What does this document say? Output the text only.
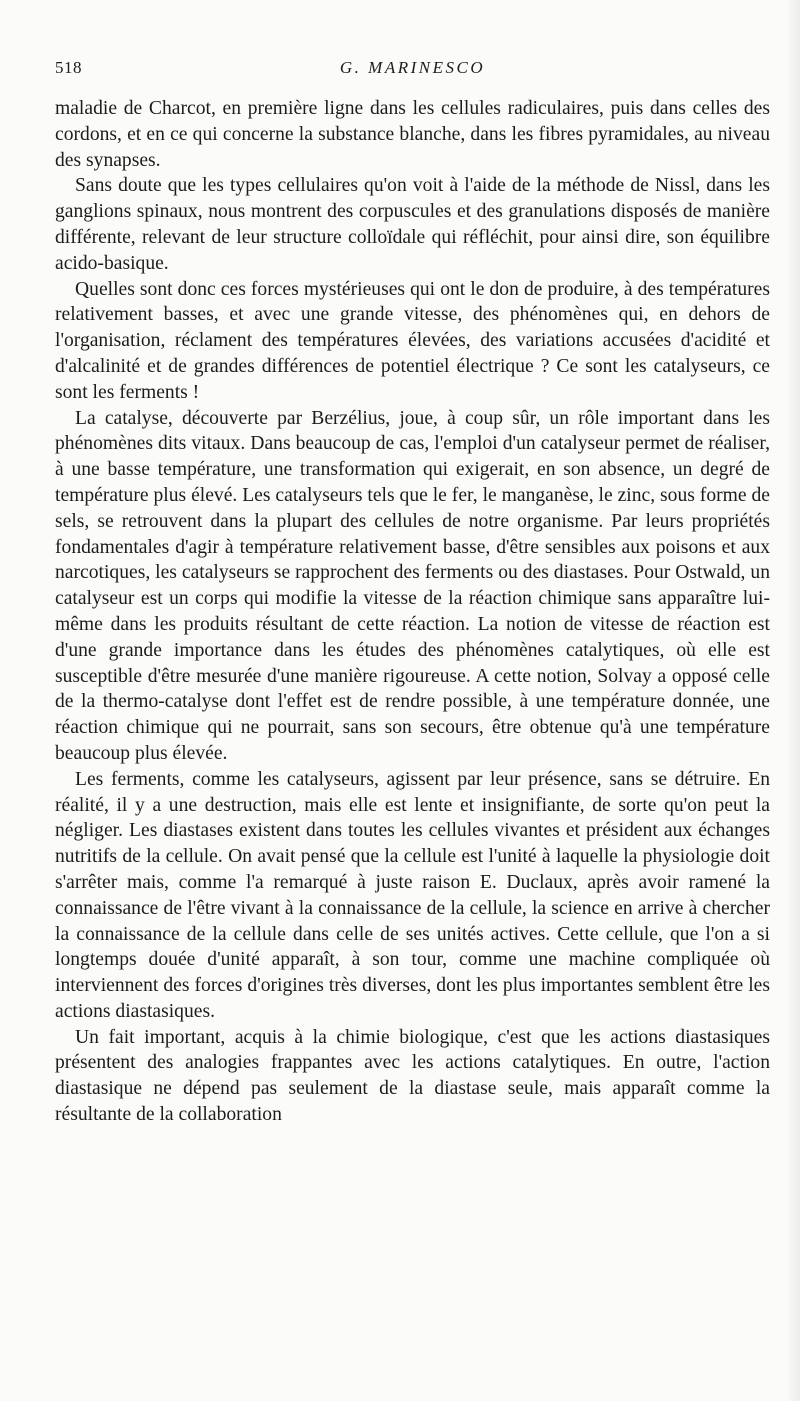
518	G. MARINESCO

maladie de Charcot, en première ligne dans les cellules radiculaires, puis dans celles des cordons, et en ce qui concerne la substance blanche, dans les fibres pyramidales, au niveau des synapses.

Sans doute que les types cellulaires qu'on voit à l'aide de la méthode de Nissl, dans les ganglions spinaux, nous montrent des corpuscules et des granulations disposés de manière différente, relevant de leur structure colloïdale qui réfléchit, pour ainsi dire, son équilibre acido-basique.

Quelles sont donc ces forces mystérieuses qui ont le don de produire, à des températures relativement basses, et avec une grande vitesse, des phénomènes qui, en dehors de l'organisation, réclament des températures élevées, des variations accusées d'acidité et d'alcalinité et de grandes différences de potentiel électrique ? Ce sont les catalyseurs, ce sont les ferments !

La catalyse, découverte par Berzélius, joue, à coup sûr, un rôle important dans les phénomènes dits vitaux. Dans beaucoup de cas, l'emploi d'un catalyseur permet de réaliser, à une basse température, une transformation qui exigerait, en son absence, un degré de température plus élevé. Les catalyseurs tels que le fer, le manganèse, le zinc, sous forme de sels, se retrouvent dans la plupart des cellules de notre organisme. Par leurs propriétés fondamentales d'agir à température relativement basse, d'être sensibles aux poisons et aux narcotiques, les catalyseurs se rapprochent des ferments ou des diastases. Pour Ostwald, un catalyseur est un corps qui modifie la vitesse de la réaction chimique sans apparaître lui-même dans les produits résultant de cette réaction. La notion de vitesse de réaction est d'une grande importance dans les études des phénomènes catalytiques, où elle est susceptible d'être mesurée d'une manière rigoureuse. A cette notion, Solvay a opposé celle de la thermo-catalyse dont l'effet est de rendre possible, à une température donnée, une réaction chimique qui ne pourrait, sans son secours, être obtenue qu'à une température beaucoup plus élevée.

Les ferments, comme les catalyseurs, agissent par leur présence, sans se détruire. En réalité, il y a une destruction, mais elle est lente et insignifiante, de sorte qu'on peut la négliger. Les diastases existent dans toutes les cellules vivantes et président aux échanges nutritifs de la cellule. On avait pensé que la cellule est l'unité à laquelle la physiologie doit s'arrêter mais, comme l'a remarqué à juste raison E. Duclaux, après avoir ramené la connaissance de l'être vivant à la connaissance de la cellule, la science en arrive à chercher la connaissance de la cellule dans celle de ses unités actives. Cette cellule, que l'on a si longtemps douée d'unité apparaît, à son tour, comme une machine compliquée où interviennent des forces d'origines très diverses, dont les plus importantes semblent être les actions diastasiques.

Un fait important, acquis à la chimie biologique, c'est que les actions diastasiques présentent des analogies frappantes avec les actions catalytiques. En outre, l'action diastasique ne dépend pas seulement de la diastase seule, mais apparaît comme la résultante de la collaboration
